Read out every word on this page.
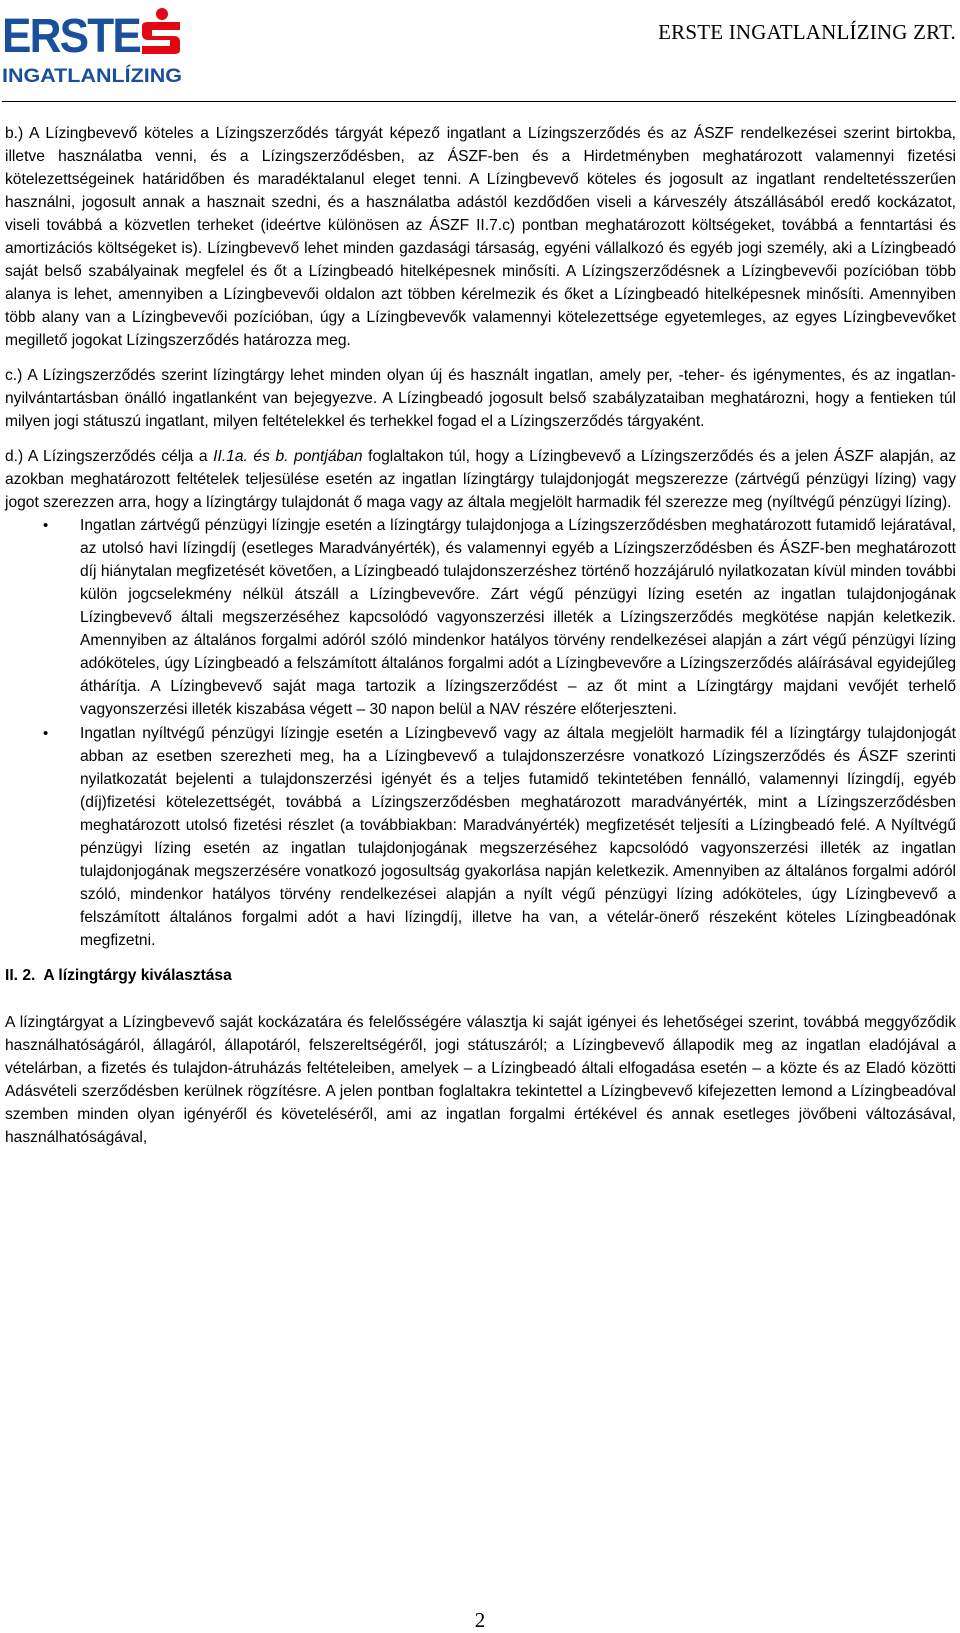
ERSTE
INGATLANLÍZING
ERSTE INGATLANLÍZING ZRT.

b.) A Lízingbevevő köteles a Lízingszerződés tárgyát képező ingatlant a Lízingszerződés és az ÁSZF rendelkezései szerint birtokba, illetve használatba venni, és a Lízingszerződésben, az ÁSZF-ben és a Hirdetményben meghatározott valamennyi fizetési kötelezettségeinek határidőben és maradéktalanul eleget tenni. A Lízingbevevő köteles és jogosult az ingatlant rendeltetésszerűen használni, jogosult annak a hasznait szedni, és a használatba adástól kezdődően viseli a kárveszély átszállásából eredő kockázatot, viseli továbbá a közvetlen terheket (ideértve különösen az ÁSZF II.7.c) pontban meghatározott költségeket, továbbá a fenntartási és amortizációs költségeket is). Lízingbevevő lehet minden gazdasági társaság, egyéni vállalkozó és egyéb jogi személy, aki a Lízingbeadó saját belső szabályainak megfelel és őt a Lízingbeadó hitelképesnek minősíti. A Lízingszerződésnek a Lízingbevevői pozícióban több alanya is lehet, amennyiben a Lízingbevevői oldalon azt többen kérelmezik és őket a Lízingbeadó hitelképesnek minősíti. Amennyiben több alany van a Lízingbevevői pozícióban, úgy a Lízingbevevők valamennyi kötelezettsége egyetemleges, az egyes Lízingbevevőket megillető jogokat Lízingszerződés határozza meg.

c.) A Lízingszerződés szerint lízingtárgy lehet minden olyan új és használt ingatlan, amely per, -teher- és igénymentes, és az ingatlan-nyilvántartásban önálló ingatlanként van bejegyezve. A Lízingbeadó jogosult belső szabályzataiban meghatározni, hogy a fentieken túl milyen jogi státuszú ingatlant, milyen feltételekkel és terhekkel fogad el a Lízingszerződés tárgyaként.

d.) A Lízingszerződés célja a II.1a. és b. pontjában foglaltakon túl, hogy a Lízingbevevő a Lízingszerződés és a jelen ÁSZF alapján, az azokban meghatározott feltételek teljesülése esetén az ingatlan lízingtárgy tulajdonjogát megszerezze (zártvégű pénzügyi lízing) vagy jogot szerezzen arra, hogy a lízingtárgy tulajdonát ő maga vagy az általa megjelölt harmadik fél szerezze meg (nyíltvégű pénzügyi lízing).

• Ingatlan zártvégű pénzügyi lízingje esetén a lízingtárgy tulajdonjoga a Lízingszerződésben meghatározott futamidő lejáratával, az utolsó havi lízingdíj (esetleges Maradványérték), és valamennyi egyéb a Lízingszerződésben és ÁSZF-ben meghatározott díj hiánytalan megfizetését követően, a Lízingbeadó tulajdonszerzéshez történő hozzájáruló nyilatkozatan kívül minden további külön jogcselekmény nélkül átszáll a Lízingbevevőre. Zárt végű pénzügyi lízing esetén az ingatlan tulajdonjogának Lízingbevevő általi megszerzéséhez kapcsolódó vagyonszerzési illeték a Lízingszerződés megkötése napján keletkezik. Amennyiben az általános forgalmi adóról szóló mindenkor hatályos törvény rendelkezései alapján a zárt végű pénzügyi lízing adóköteles, úgy Lízingbeadó a felszámított általános forgalmi adót a Lízingbevevőre a Lízingszerződés aláírásával egyidejűleg áthárítja. A Lízingbevevő saját maga tartozik a lízingszerződést – az őt mint a Lízingtárgy majdani vevőjét terhelő vagyonszerzési illeték kiszabása végett – 30 napon belül a NAV részére előterjeszteni.
• Ingatlan nyíltvégű pénzügyi lízingje esetén a Lízingbevevő vagy az általa megjelölt harmadik fél a lízingtárgy tulajdonjogát abban az esetben szerezheti meg, ha a Lízingbevevő a tulajdonszerzésre vonatkozó Lízingszerződés és ÁSZF szerinti nyilatkozatát bejelenti a tulajdonszerzési igényét és a teljes futamidő tekintetében fennálló, valamennyi lízingdíj, egyéb (díj)fizetési kötelezettségét, továbbá a Lízingszerződésben meghatározott maradványérték, mint a Lízingszerződésben meghatározott utolsó fizetési részlet (a továbbiakban: Maradványérték) megfizetését teljesíti a Lízingbeadó felé. A Nyíltvégű pénzügyi lízing esetén az ingatlan tulajdonjogának megszerzéséhez kapcsolódó vagyonszerzési illeték az ingatlan tulajdonjogának megszerzésére vonatkozó jogosultság gyakorlása napján keletkezik. Amennyiben az általános forgalmi adóról szóló, mindenkor hatályos törvény rendelkezései alapján a nyílt végű pénzügyi lízing adóköteles, úgy Lízingbevevő a felszámított általános forgalmi adót a havi lízingdíj, illetve ha van, a vételár-önerő részeként köteles Lízingbeadónak megfizetni.

II. 2.  A lízingtárgy kiválasztása

A lízingtárgyat a Lízingbevevő saját kockázatára és felelősségére választja ki saját igényei és lehetőségei szerint, továbbá meggyőződik használhatóságáról, állagáról, állapotáról, felszereltségéről, jogi státuszáról; a Lízingbevevő állapodik meg az ingatlan eladójával a vételárban, a fizetés és tulajdon-átruházás feltételeiben, amelyek – a Lízingbeadó általi elfogadása esetén – a közte és az Eladó közötti Adásvételi szerződésben kerülnek rögzítésre. A jelen pontban foglaltakra tekintettel a Lízingbevevő kifejezetten lemond a Lízingbeadóval szemben minden olyan igényéről és követeléséről, ami az ingatlan forgalmi értékével és annak esetleges jövőbeni változásával, használhatóságával,

2
